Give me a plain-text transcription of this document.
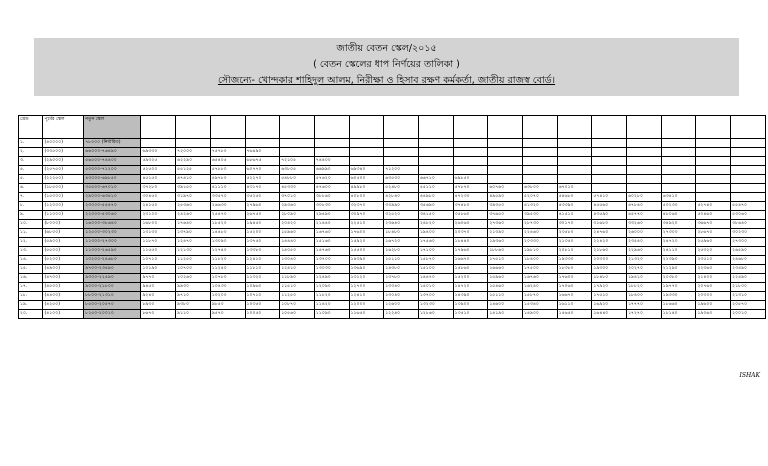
জাতীয় বেতন স্কেল/২০১৫
( বেতন স্কেলের ধাপ নির্ণয়ের তালিকা )
সৌজন্যে- খোন্দকার শাহিদুল আলম, নিরীক্ষা ও হিসাব রক্ষণ কর্মকর্তা, জাতীয় রাজস্ব বোর্ড।
গ্রেড	পূর্বের স্কেল	নতুন স্কেল																		
১.	(৪০০০০)	৭৮০০০ (নির্ধারিত)																		
২.	(৩৩৫০০)	৬৬০০০-৭৬৪৯০	৬৯৩৩০	৭২০০০	৭৫৭৮০	৭৬৪৯০														
৩.	(২৯০০০)	৫৬৫০০-৭৪৪০০	৫৯৩২৫	৬২২৯০	৬৫৪০৫	৬৮৬৭৫	৭২১০৫	৭৪৪০০												
৪.	(২৫৭৫০)	৫০০০০-৭১২০০	৫২৫০০	৫৫১২৫	৫৭৮৮০	৬০৭৭০	৬৩৮০৫	৬৬৯৯০	৬৯৩৪০	৭১২০০										
৫.	(২২২৫০)	৪৩০০০-৬৯৮৫০	৪৫১৫০	৪৭৪১০	৪৯৭৮০	৫২২৭০	৫৪৮৮০	৫৭৬২০	৬০৫০০	৬৩৫৩০	৬৬৭১০	৬৯৮৫০								
৬.	(১৮৫০০)	৩৫৫০০-৬৭০১০	৩৭২৮০	৩৯১৫০	৪১১১০	৪৩১৭০	৪৫৩৩০	৪৭৬০০	৪৯৯৮০	৫২৪৮০	৫৫১১০	৫৭৮৭০	৬০৭৬০	৬৩৮০০	৬৭০১০					
৭.	(১৫০০০)	২৯০০০-৬৩৪১০	৩০৪৫০	৩১৯৭০	৩৩৫৭০	৩৫২৫০	৩৭০১০	৩৮৮৬০	৪০৮০০	৪২৮৪০	৪৪৯৮০	৪৭২৩০	৪৯৫৯০	৫২০৭০	৫৪৬৮০	৫৭৪১০	৬০২৮০	৬৩৪১০		
৮.	(১২০০০)	২৩০০০-৫৫৪৭০	২৪১৫০	২৫৩৬০	২৬৬৩০	২৭৯৬০	২৯৩৬০	৩০৮৩০	৩২৩৭০	৩৩৯৯০	৩৫৬৯০	৩৭৪৮০	৩৯৩৫০	৪১৩২০	৪৩৩৯০	৪৫৫৬০	৪৭৮৪০	৫০২৩০	৫২৭৪০	৫৫৪৭০
৯.	(১১০০০)	২২০০০-৫৩০৬০	২৩১০০	২৪২৬০	২৫৪৭০	২৬৭৫০	২৮০৯০	২৯৪৯০	৩০৯৭০	৩২৫২০	৩৪১৫০	৩৫৮৬০	৩৭৬৫০	৩৯৫৩০	৪১৫১০	৪৩৫৯০	৪৫৭৭০	৪৮০৬০	৫০৪৬০	৫৩০৬০
১০.	(৮০০০)	১৬০০০-৩৮৬৪০	১৬৮০০	১৭৬৪০	১৮৫২০	১৯৪৫০	২০৪২০	২১৪৪০	২২৫১০	২৩৬৪০	২৪৮২০	২৬০৬০	২৭৩৬০	২৮৭৩০	৩০১৭০	৩১৬৮০	৩৩২৬০	৩৪৯২০	৩৬৬৭০	৩৮৬৪০
১১.	(৬৮০০)	১২৫০০-৩০২৩০	১৩১৩০	১৩৭৯০	১৪৪৮০	১৫২০০	১৫৯৬০	১৬৭৬০	১৭৬০০	১৮৪৮০	১৯৪০০	২০৩৭০	২১৩৯০	২২৪৬০	২৩৫৮০	২৪৭৬০	২৬০০০	২৭৩০০	২৮৬৭০	৩০২৩০
১২.	(৫৯০০)	১১৩০০-২৭৩০০	১১৮৭০	১২৪৭০	১৩০৯০	১৩৭৫০	১৪৪৪০	১৫১৬০	১৫৯২০	১৬৭২০	১৭৫৬০	১৮৪৪০	১৯৩৬০	২০৩৩০	২১৩৫০	২২৪২০	২৩৫৪০	২৪৭২০	২৫৯৬০	২৭৩০০
১৩.	(৫৫০০)	১১০০০-২৬৫৯০	১১৫৫০	১২১৩০	১২৭৪০	১৩৩৮০	১৪০৫০	১৪৭৬০	১৫৫০০	১৬২৮০	১৭১০০	১৭৯৬০	১৮৮৬০	১৯৮১০	২০৮১০	২১৮৬০	২২৯৬০	২৪১১০	২৫৩২০	২৬৫৯০
১৪.	(৫২০০)	১০২০০-২৪৬৮০	১০৭১০	১১২৫০	১১৮২০	১২৪১০	১৩০৪০	১৩৭০০	১৪৩৯০	১৫১১০	১৫৮৭০	১৬৬৭০	১৭৫১০	১৮৪০০	১৯৩৩০	২০৩০০	২১৩২০	২২৩৯০	২৩৫১০	২৪৬৮০
১৫.	(৪৯০০)	৯৭০০-২৩৪৯০	১০১৯০	১০৭০০	১১২৪০	১১৮১০	১২৪১০	১৩০৩০	১৩৬৯০	১৪৩৮০	১৫১০০	১৫৮৬০	১৬৬৬০	১৭৫০০	১৮৩৮০	১৯৩০০	২০২৭০	২১২৯০	২২৩৬০	২৩৪৯০
১৬.	(৪৭০০)	৯৩০০-২২৪৯০	৯৭৭০	১০২৬০	১০৭৮০	১১৩২০	১১৮৯০	১২৪৯০	১৩১২০	১৩৭৮০	১৪৪৭০	১৫২০০	১৫৯৬০	১৬৭৬০	১৭৬০০	১৮৪৮০	১৯৪১০	২০৩৮০	২১৪০০	২২৪৯০
১৭.	(৪৫০০)	৯০০০-২১৮০০	৯৪৫০	৯৯৩০	১০৪৩০	১০৯৬০	১১৫১০	১২০৯০	১২৭০০	১৩৩৪০	১৪০১০	১৪৭২০	১৫৪৬০	১৬২৪০	১৭০৬০	১৭৯২০	১৮৮২০	১৯৭৭০	২০৭৬০	২১৮০০
১৮.	(৪৪০০)	৮৮০০-২১৩১০	৯২৪০	৯৭১০	১০২০০	১০৭১০	১১২৫০	১১৮২০	১২৪১০	১৩০৪০	১৩৭০০	১৪৩৯০	১৫১১০	১৫৮৭০	১৬৬৭০	১৭৫১০	১৮৪০০	১৯৩৩০	২০৩০০	২১৩১০
১৯.	(৪২৫০)	৮৫০০-২০৫৭০	৮৯৩০	৯৩৮০	৯৮৫০	১০৩৫০	১০৮৭০	১১৪২০	১২০০০	১২৬০০	১৩২৩০	১৩৯০০	১৪৬০০	১৫৩৪০	১৬১১০	১৬৯২০	১৭৭৭০	১৮৬৬০	১৯৬০০	২০৫৭০
২০.	(৪১০০)	৮২৫০-২০০১০	৮৬৭০	৯১১০	৯৫৭০	১০০৫০	১০৫৬০	১১০৯০	১১৬৫০	১২২৪০	১২৮৬০	১৩৫১০	১৪১৯০	১৪৯০০	১৫৬৫০	১৬৪৪০	১৭২৭০	১৮১৪০	১৯০৬০	২০০১০
ISHAK
